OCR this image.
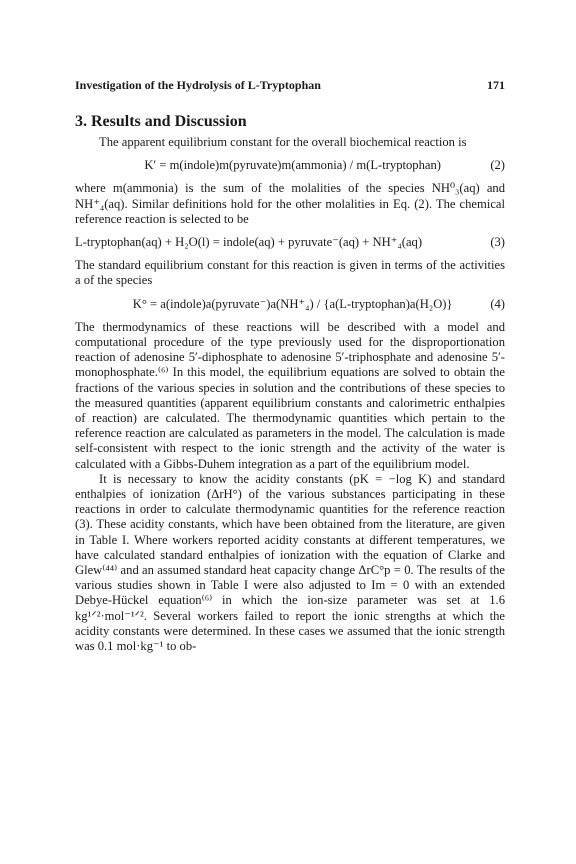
Investigation of the Hydrolysis of L-Tryptophan	171
3. Results and Discussion

The apparent equilibrium constant for the overall biochemical reaction is

K′ = m(indole)m(pyruvate)m(ammonia) / m(L-tryptophan)	(2)

where m(ammonia) is the sum of the molalities of the species NH⁰₃(aq) and NH⁺₄(aq). Similar definitions hold for the other molalities in Eq. (2). The chemical reference reaction is selected to be

L-tryptophan(aq) + H₂O(l) = indole(aq) + pyruvate⁻(aq) + NH⁺₄(aq)	(3)

The standard equilibrium constant for this reaction is given in terms of the activities a of the species

K° = a(indole)a(pyruvate⁻)a(NH⁺₄) / {a(L-tryptophan)a(H₂O)}	(4)

The thermodynamics of these reactions will be described with a model and computational procedure of the type previously used for the disproportionation reaction of adenosine 5′-diphosphate to adenosine 5′-triphosphate and adenosine 5′-monophosphate.⁽⁶⁾ In this model, the equilibrium equations are solved to obtain the fractions of the various species in solution and the contributions of these species to the measured quantities (apparent equilibrium constants and calorimetric enthalpies of reaction) are calculated. The thermodynamic quantities which pertain to the reference reaction are calculated as parameters in the model. The calculation is made self-consistent with respect to the ionic strength and the activity of the water is calculated with a Gibbs-Duhem integration as a part of the equilibrium model.

It is necessary to know the acidity constants (pK = −log K) and standard enthalpies of ionization (ΔrH°) of the various substances participating in these reactions in order to calculate thermodynamic quantities for the reference reaction (3). These acidity constants, which have been obtained from the literature, are given in Table I. Where workers reported acidity constants at different temperatures, we have calculated standard enthalpies of ionization with the equation of Clarke and Glew⁽⁴⁴⁾ and an assumed standard heat capacity change ΔrC°p = 0. The results of the various studies shown in Table I were also adjusted to Im = 0 with an extended Debye-Hückel equation⁽⁶⁾ in which the ion-size parameter was set at 1.6 kg¹ᐟ²·mol⁻¹ᐟ². Several workers failed to report the ionic strengths at which the acidity constants were determined. In these cases we assumed that the ionic strength was 0.1 mol·kg⁻¹ to ob-
